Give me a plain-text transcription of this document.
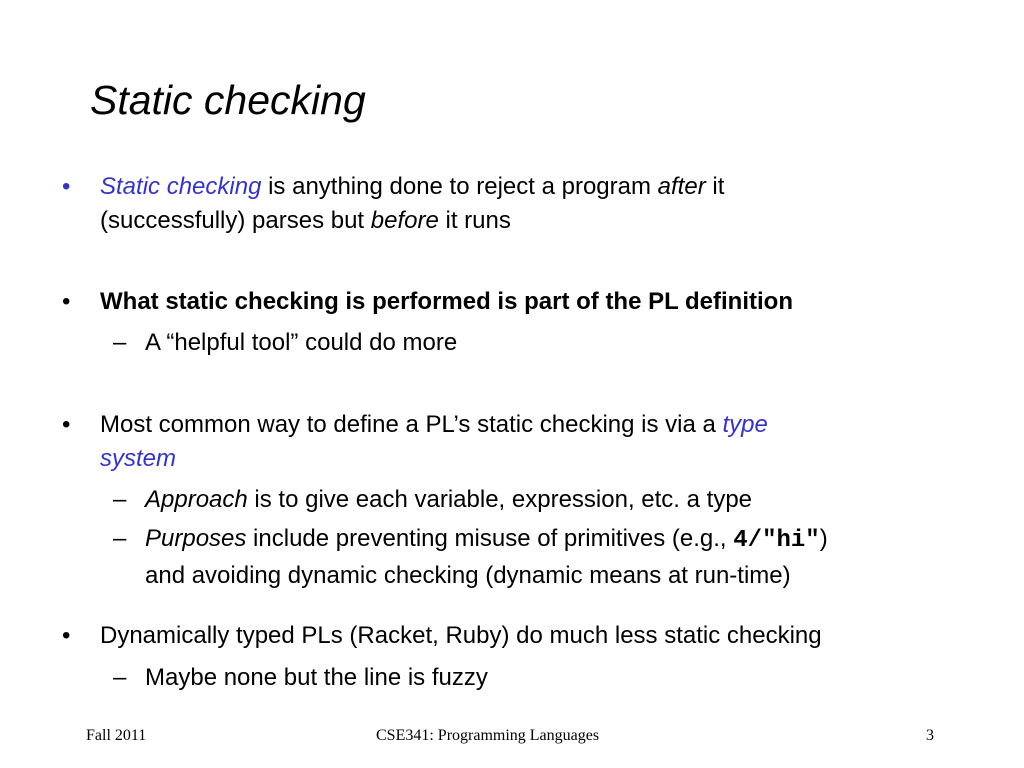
Static checking
• Static checking is anything done to reject a program after it
(successfully) parses but before it runs
• What static checking is performed is part of the PL definition
– A “helpful tool” could do more
• Most common way to define a PL’s static checking is via a type
system
– Approach is to give each variable, expression, etc. a type
– Purposes include preventing misuse of primitives (e.g., 4/"hi")
and avoiding dynamic checking (dynamic means at run-time)
• Dynamically typed PLs (Racket, Ruby) do much less static checking
– Maybe none but the line is fuzzy
Fall 2011	CSE341: Programming Languages	3
